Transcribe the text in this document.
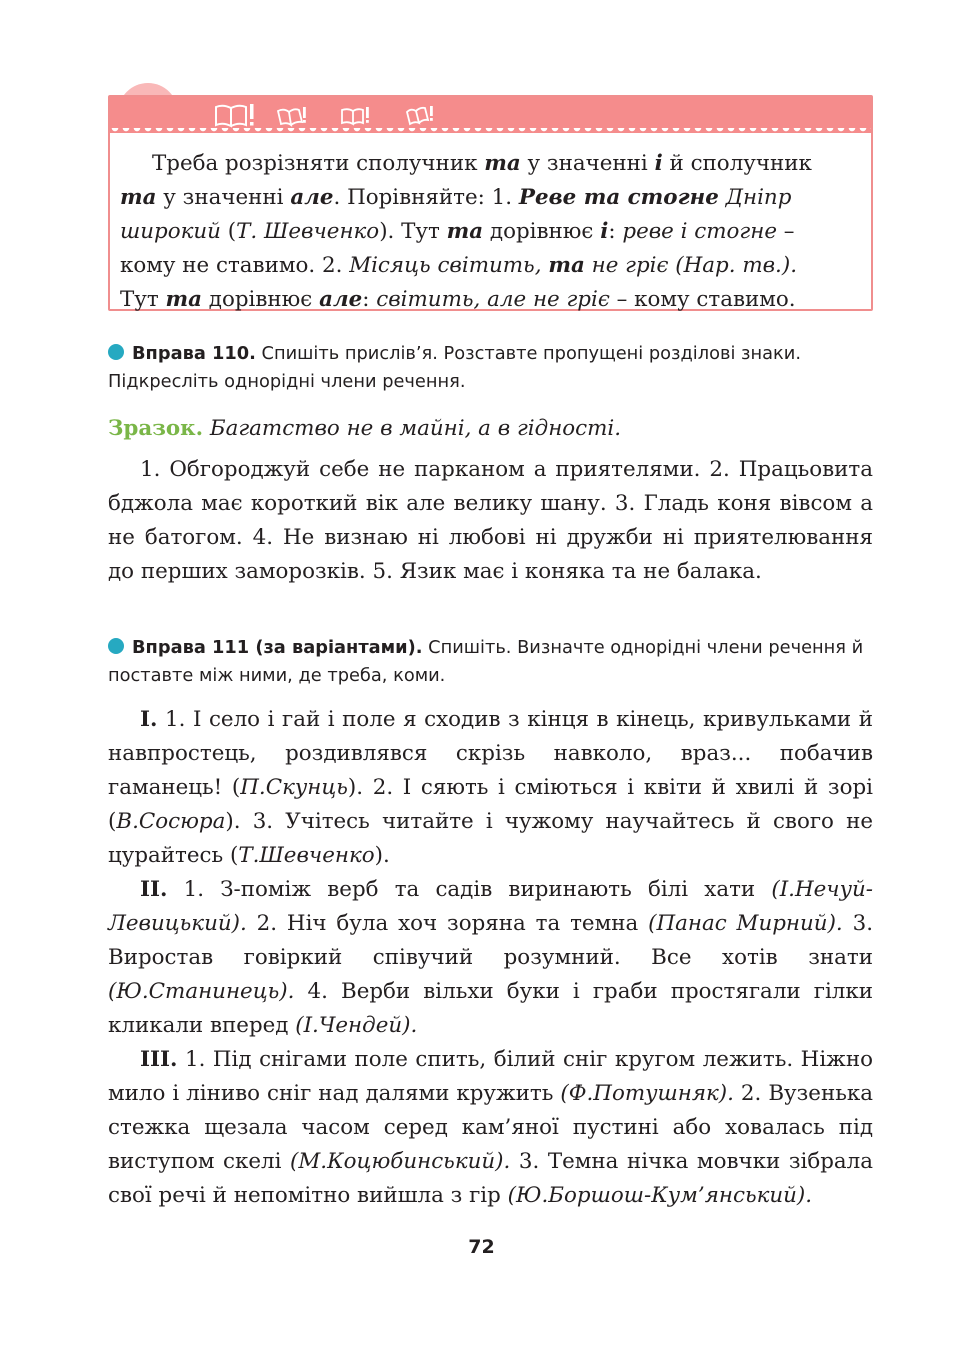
Треба розрізняти сполучник та у значенні і й сполучник

та у значенні але. Порівняйте: 1. Реве та стогне Дніпр

широкий (Т. Шевченко). Тут та дорівнює і: реве і стогне –

кому не ставимо. 2. Місяць світить, та не гріє (Нар. тв.).

Тут та дорівнює але: світить, але не гріє – кому ставимо.

Вправа 110. Спишіть прислів’я. Розставте пропущені розділові знаки. Підкресліть однорідні члени речення.
Зразок. Багатство не в майні, а в гідності.

1. Обгороджуй себе не парканом а приятелями. 2. Працьовита бджола має короткий вік але велику шану. 3. Гладь коня вівсом а не батогом. 4. Не визнаю ні любові ні дружби ні приятелювання до перших заморозків. 5. Язик має і коняка та не балака.

Вправа 111 (за варіантами). Спишіть. Визначте однорідні члени речення й поставте між ними, де треба, коми.

I. 1. І село і гай і поле я сходив з кінця в кінець, кривульками й навпростець, роздивлявся скрізь навколо, враз... побачив гаманець! (П.Скунць). 2. І сяють і сміються і квіти й хвилі й зорі (В.Сосюра). 3. Учітесь читайте і чужому научайтесь й свого не цурайтесь (Т.Шевченко).

II. 1. З-поміж верб та садів виринають білі хати (І.Нечуй-Левицький). 2. Ніч була хоч зоряна та темна (Панас Мирний). 3. Виростав говіркий співучий розумний. Все хотів знати (Ю.Станинець). 4. Верби вільхи буки і граби простягали гілки кликали вперед (І.Чендей).

III. 1. Під снігами поле спить, білий сніг кругом лежить. Ніжно мило і ліниво сніг над далями кружить (Ф.Потушняк). 2. Вузенька стежка щезала часом серед кам’яної пустині або ховалась під виступом скелі (М.Коцюбинський). 3. Темна нічка мовчки зібрала свої речі й непомітно вийшла з гір (Ю.Боршош-Кум’янський).

72
